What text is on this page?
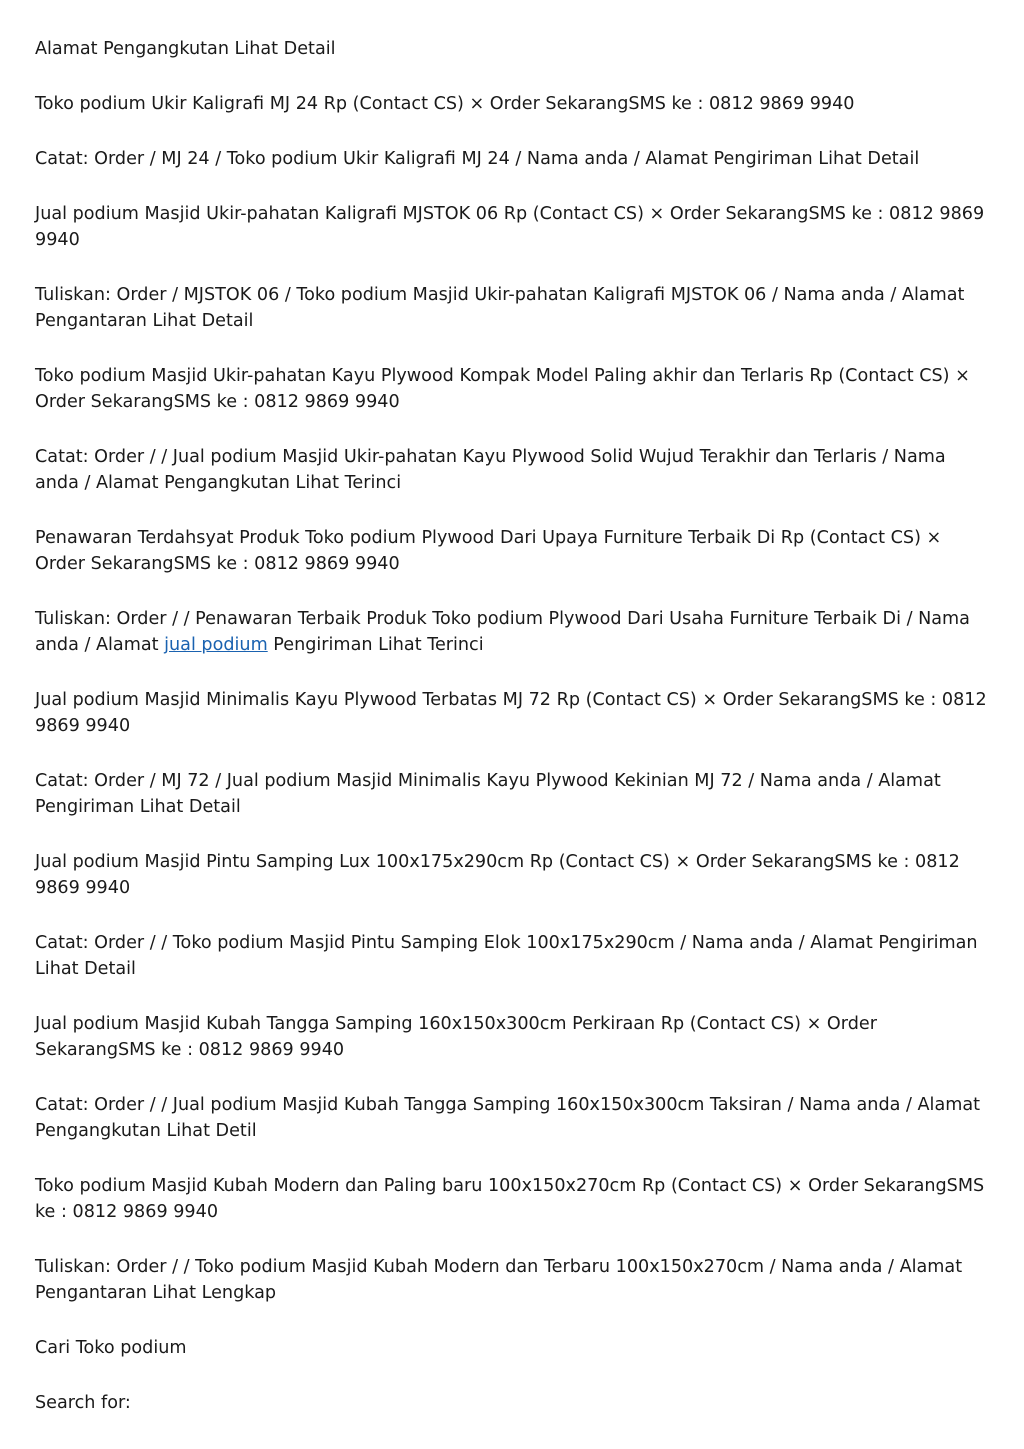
Alamat Pengangkutan Lihat Detail

Toko podium Ukir Kaligrafi MJ 24 Rp (Contact CS) × Order SekarangSMS ke : 0812 9869 9940

Catat: Order / MJ 24 / Toko podium Ukir Kaligrafi MJ 24 / Nama anda / Alamat Pengiriman Lihat Detail

Jual podium Masjid Ukir-pahatan Kaligrafi MJSTOK 06 Rp (Contact CS) × Order SekarangSMS ke : 0812 9869 9940

Tuliskan: Order / MJSTOK 06 / Toko podium Masjid Ukir-pahatan Kaligrafi MJSTOK 06 / Nama anda / Alamat Pengantaran Lihat Detail

Toko podium Masjid Ukir-pahatan Kayu Plywood Kompak Model Paling akhir dan Terlaris Rp (Contact CS) × Order SekarangSMS ke : 0812 9869 9940

Catat: Order / / Jual podium Masjid Ukir-pahatan Kayu Plywood Solid Wujud Terakhir dan Terlaris / Nama anda / Alamat Pengangkutan Lihat Terinci

Penawaran Terdahsyat Produk Toko podium Plywood Dari Upaya Furniture Terbaik Di Rp (Contact CS) × Order SekarangSMS ke : 0812 9869 9940

Tuliskan: Order / / Penawaran Terbaik Produk Toko podium Plywood Dari Usaha Furniture Terbaik Di / Nama anda / Alamat jual podium Pengiriman Lihat Terinci

Jual podium Masjid Minimalis Kayu Plywood Terbatas MJ 72 Rp (Contact CS) × Order SekarangSMS ke : 0812 9869 9940

Catat: Order / MJ 72 / Jual podium Masjid Minimalis Kayu Plywood Kekinian MJ 72 / Nama anda / Alamat Pengiriman Lihat Detail

Jual podium Masjid Pintu Samping Lux 100x175x290cm Rp (Contact CS) × Order SekarangSMS ke : 0812 9869 9940

Catat: Order / / Toko podium Masjid Pintu Samping Elok 100x175x290cm / Nama anda / Alamat Pengiriman Lihat Detail

Jual podium Masjid Kubah Tangga Samping 160x150x300cm Perkiraan Rp (Contact CS) × Order SekarangSMS ke : 0812 9869 9940

Catat: Order / / Jual podium Masjid Kubah Tangga Samping 160x150x300cm Taksiran / Nama anda / Alamat Pengangkutan Lihat Detil

Toko podium Masjid Kubah Modern dan Paling baru 100x150x270cm Rp (Contact CS) × Order SekarangSMS ke : 0812 9869 9940

Tuliskan: Order / / Toko podium Masjid Kubah Modern dan Terbaru 100x150x270cm / Nama anda / Alamat Pengantaran Lihat Lengkap

Cari Toko podium

Search for:
